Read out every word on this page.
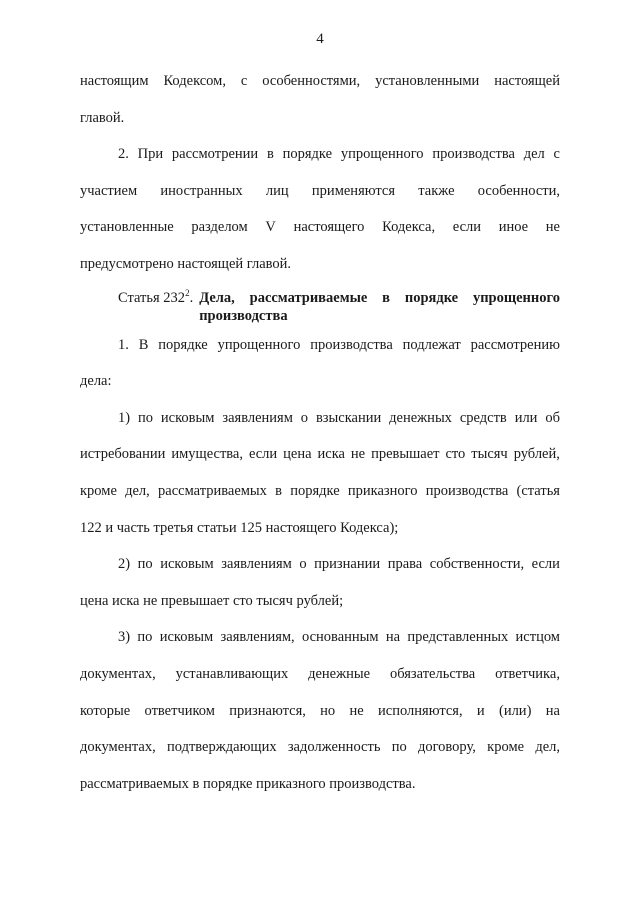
4
настоящим Кодексом, с особенностями, установленными настоящей
главой.
2. При рассмотрении в порядке упрощенного производства дел с
участием иностранных лиц применяются также особенности,
установленные разделом V настоящего Кодекса, если иное не
предусмотрено настоящей главой.
Статья $232^2$. Дела, рассматриваемые в порядке упрощенного
производства
1. В порядке упрощенного производства подлежат рассмотрению
дела:
1) по исковым заявлениям о взыскании денежных средств или об
истребовании имущества, если цена иска не превышает сто тысяч рублей,
кроме дел, рассматриваемых в порядке приказного производства (статья
122 и часть третья статьи 125 настоящего Кодекса);
2) по исковым заявлениям о признании права собственности, если
цена иска не превышает сто тысяч рублей;
3) по исковым заявлениям, основанным на представленных истцом
документах, устанавливающих денежные обязательства ответчика,
которые ответчиком признаются, но не исполняются, и (или) на
документах, подтверждающих задолженность по договору, кроме дел,
рассматриваемых в порядке приказного производства.
